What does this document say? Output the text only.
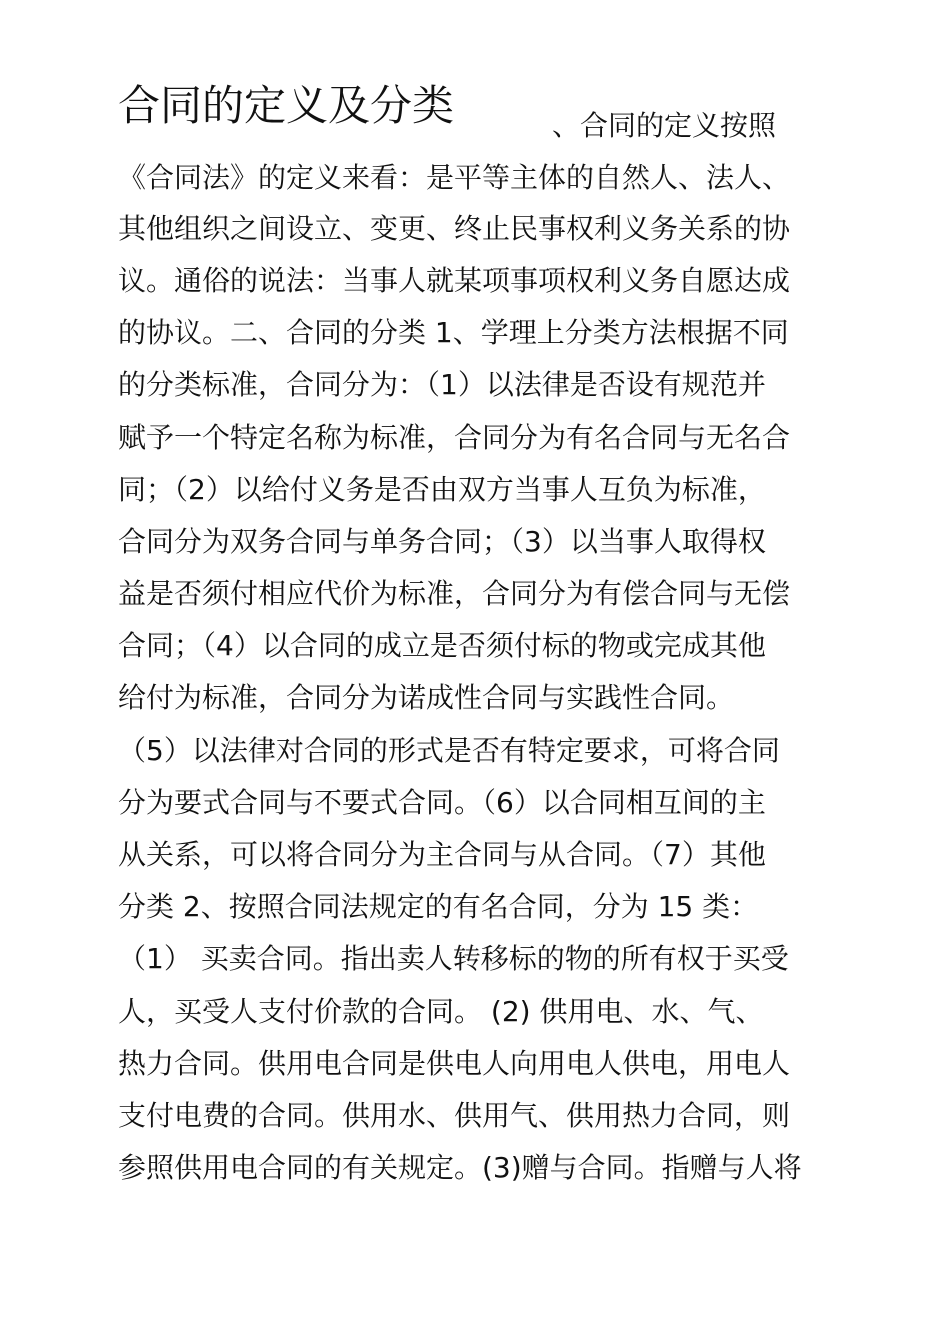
合同的定义及分类	、合同的定义按照

《合同法》的定义来看：是平等主体的自然人、法人、

其他组织之间设立、变更、终止民事权利义务关系的协

议。通俗的说法：当事人就某项事项权利义务自愿达成

的协议。二、合同的分类 1、学理上分类方法根据不同

的分类标准，合同分为：（1）以法律是否设有规范并

赋予一个特定名称为标准，合同分为有名合同与无名合

同；（2）以给付义务是否由双方当事人互负为标准，

合同分为双务合同与单务合同；（3）以当事人取得权

益是否须付相应代价为标准，合同分为有偿合同与无偿

合同；（4）以合同的成立是否须付标的物或完成其他

给付为标准，合同分为诺成性合同与实践性合同。

（5）以法律对合同的形式是否有特定要求，可将合同

分为要式合同与不要式合同。（6）以合同相互间的主

从关系，可以将合同分为主合同与从合同。（7）其他

分类 2、按照合同法规定的有名合同，分为 15 类：

（1） 买卖合同。指出卖人转移标的物的所有权于买受

人，买受人支付价款的合同。 (2) 供用电、水、气、

热力合同。供用电合同是供电人向用电人供电，用电人

支付电费的合同。供用水、供用气、供用热力合同，则

参照供用电合同的有关规定。(3)赠与合同。指赠与人将
